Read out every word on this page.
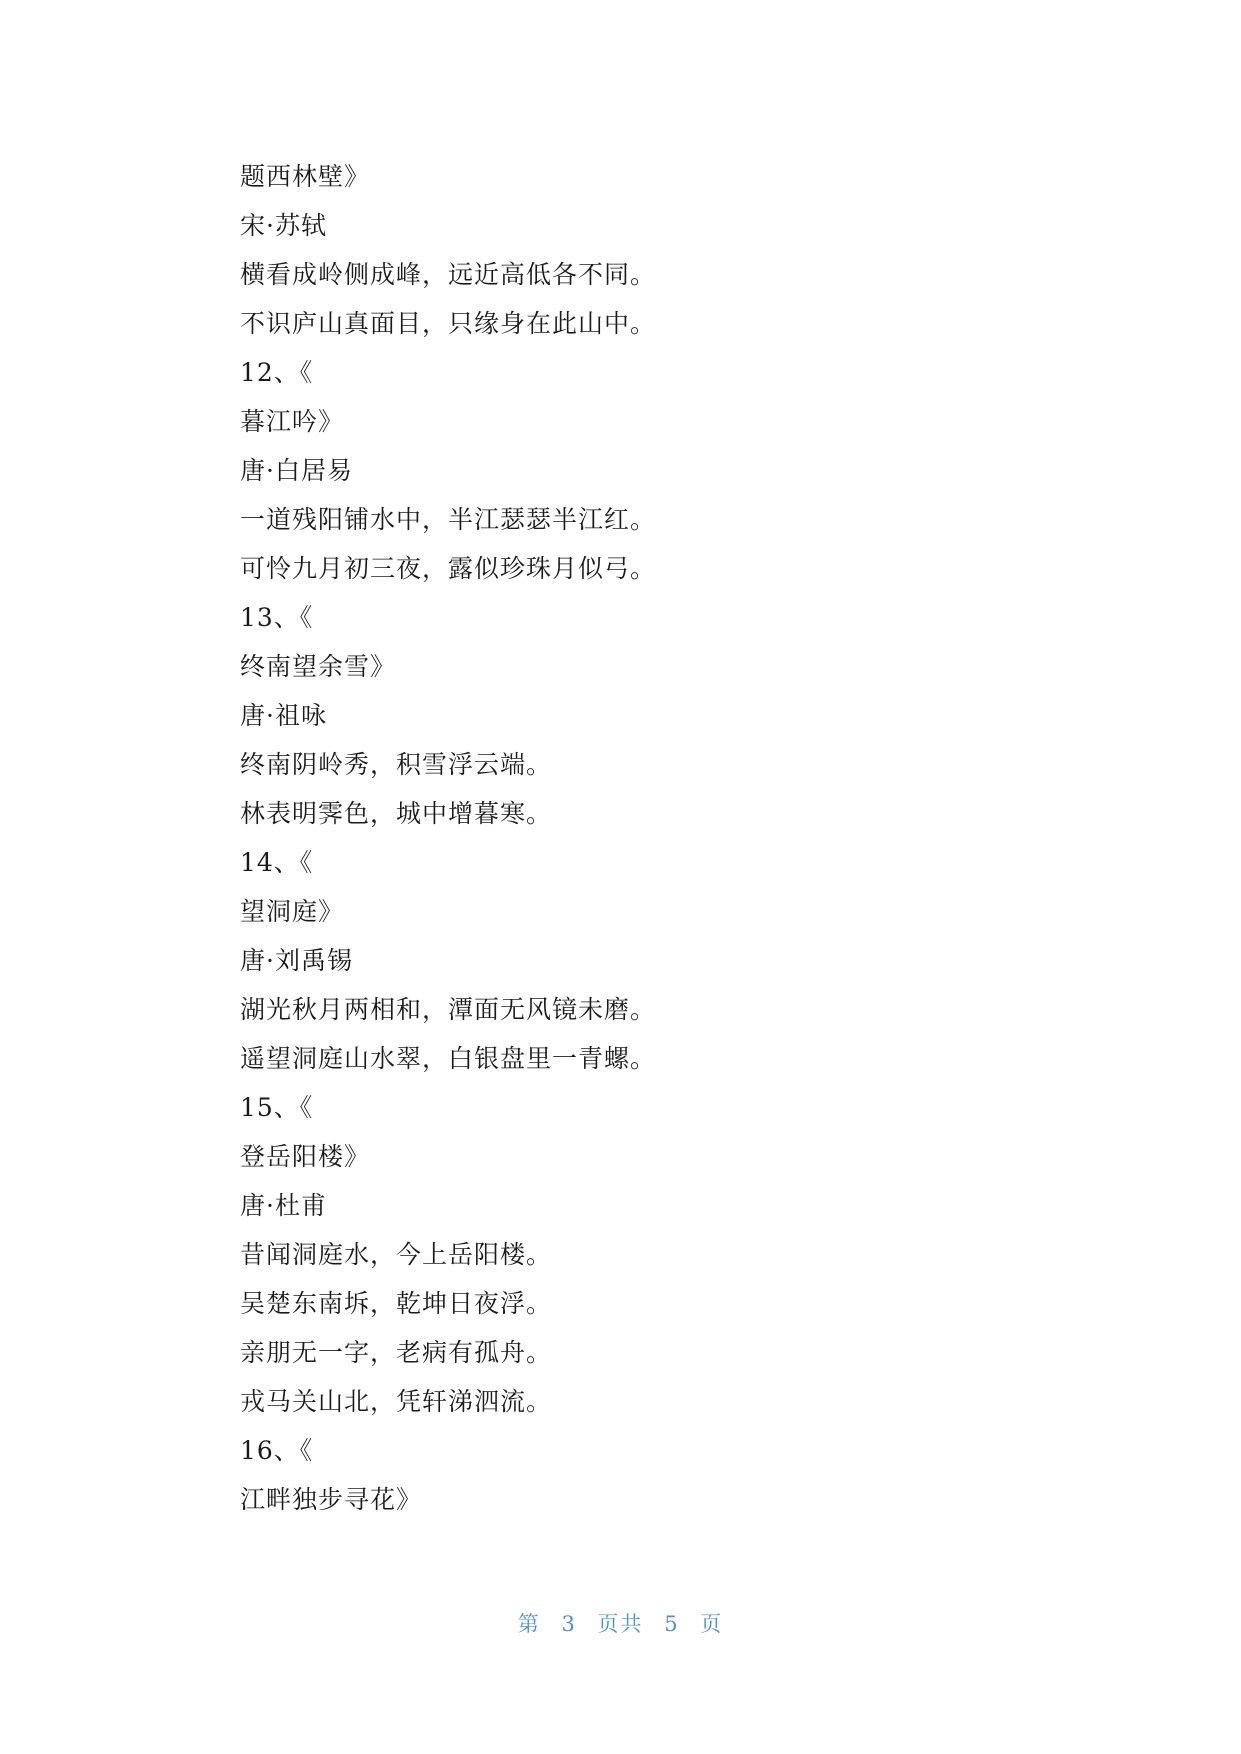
题西林壁》
宋·苏轼
横看成岭侧成峰，远近高低各不同。
不识庐山真面目，只缘身在此山中。
12、《
暮江吟》
唐·白居易
一道残阳铺水中，半江瑟瑟半江红。
可怜九月初三夜，露似珍珠月似弓。
13、《
终南望余雪》
唐·祖咏
终南阴岭秀，积雪浮云端。
林表明霁色，城中增暮寒。
14、《
望洞庭》
唐·刘禹锡
湖光秋月两相和，潭面无风镜未磨。
遥望洞庭山水翠，白银盘里一青螺。
15、《
登岳阳楼》
唐·杜甫
昔闻洞庭水，今上岳阳楼。
吴楚东南坼，乾坤日夜浮。
亲朋无一字，老病有孤舟。
戎马关山北，凭轩涕泗流。
16、《
江畔独步寻花》
第 3 页共 5 页
